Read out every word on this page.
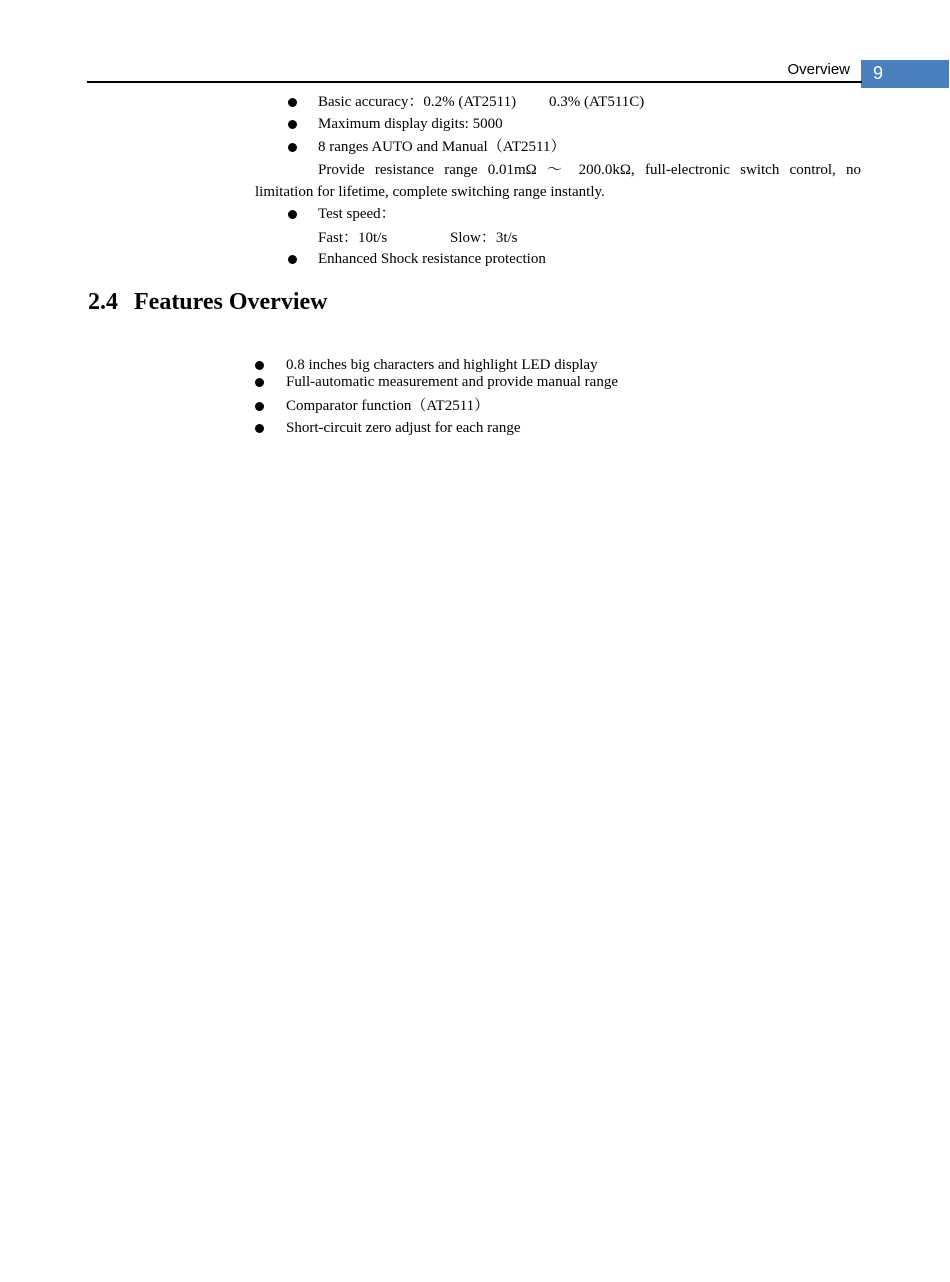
Overview 9
Basic accuracy：0.2% (AT2511) 0.3% (AT511C)
Maximum display digits: 5000
8 ranges AUTO and Manual（AT2511）
Provide resistance range 0.01mΩ ～ 200.0kΩ, full-electronic switch control, no
limitation for lifetime, complete switching range instantly.
Test speed：
Fast：10t/s	Slow：3t/s
Enhanced Shock resistance protection
2.4 Features Overview
0.8 inches big characters and highlight LED display
Full-automatic measurement and provide manual range
Comparator function（AT2511）
Short-circuit zero adjust for each range
